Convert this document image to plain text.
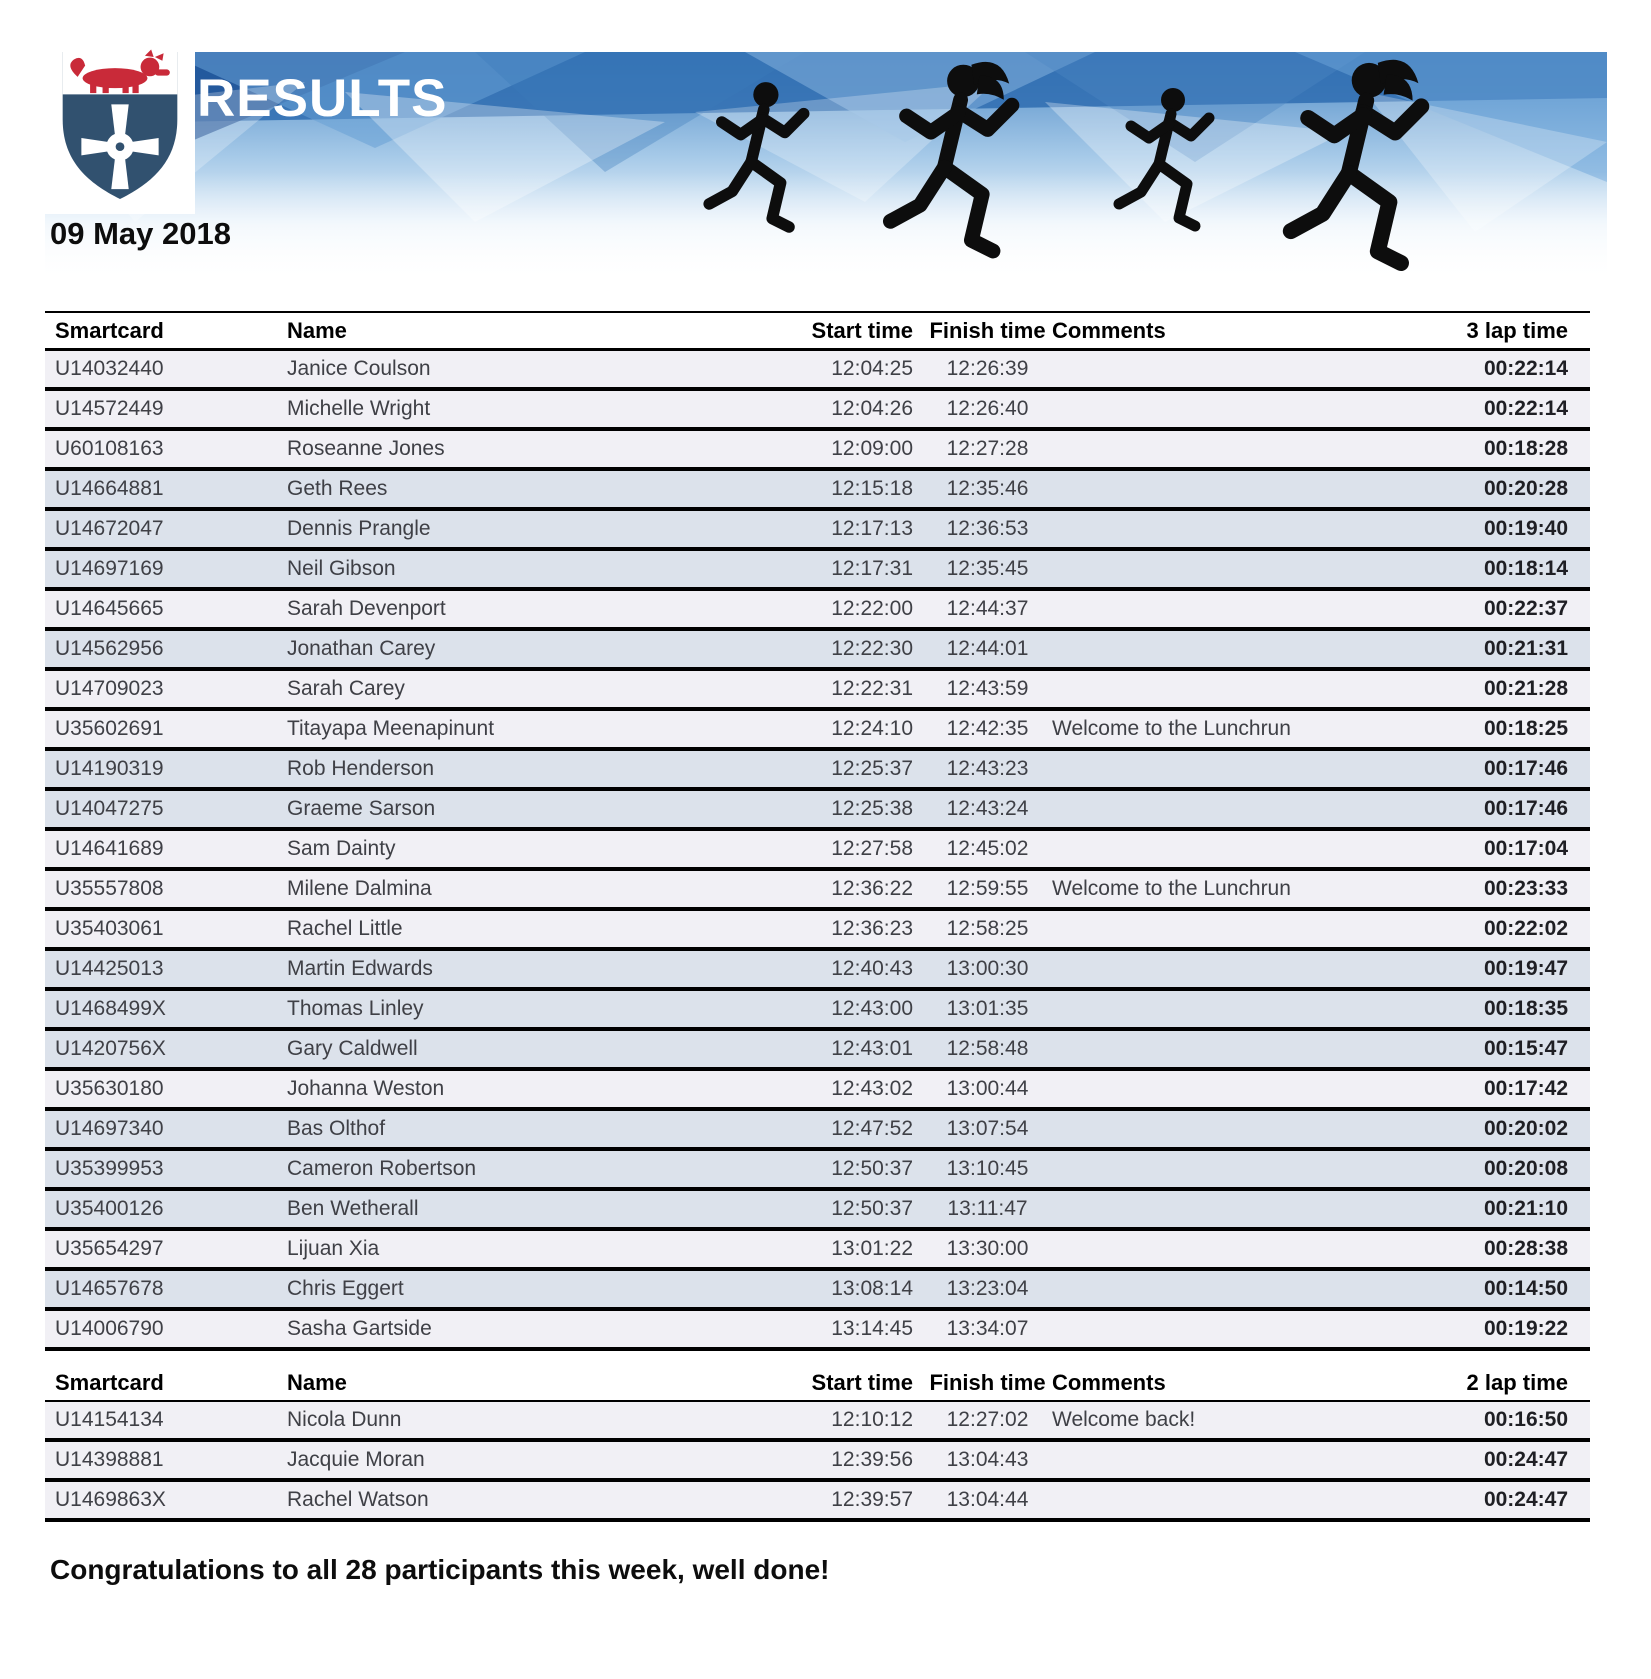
RESULTS
09 May 2018
Smartcard	Name	Start time	Finish time	Comments	3 lap time
U14032440	Janice Coulson	12:04:25	12:26:39		00:22:14
U14572449	Michelle Wright	12:04:26	12:26:40		00:22:14
U60108163	Roseanne Jones	12:09:00	12:27:28		00:18:28
U14664881	Geth Rees	12:15:18	12:35:46		00:20:28
U14672047	Dennis Prangle	12:17:13	12:36:53		00:19:40
U14697169	Neil Gibson	12:17:31	12:35:45		00:18:14
U14645665	Sarah Devenport	12:22:00	12:44:37		00:22:37
U14562956	Jonathan Carey	12:22:30	12:44:01		00:21:31
U14709023	Sarah Carey	12:22:31	12:43:59		00:21:28
U35602691	Titayapa Meenapinunt	12:24:10	12:42:35	Welcome to the Lunchrun	00:18:25
U14190319	Rob Henderson	12:25:37	12:43:23		00:17:46
U14047275	Graeme Sarson	12:25:38	12:43:24		00:17:46
U14641689	Sam Dainty	12:27:58	12:45:02		00:17:04
U35557808	Milene Dalmina	12:36:22	12:59:55	Welcome to the Lunchrun	00:23:33
U35403061	Rachel Little	12:36:23	12:58:25		00:22:02
U14425013	Martin Edwards	12:40:43	13:00:30		00:19:47
U1468499X	Thomas Linley	12:43:00	13:01:35		00:18:35
U1420756X	Gary Caldwell	12:43:01	12:58:48		00:15:47
U35630180	Johanna Weston	12:43:02	13:00:44		00:17:42
U14697340	Bas Olthof	12:47:52	13:07:54		00:20:02
U35399953	Cameron Robertson	12:50:37	13:10:45		00:20:08
U35400126	Ben Wetherall	12:50:37	13:11:47		00:21:10
U35654297	Lijuan Xia	13:01:22	13:30:00		00:28:38
U14657678	Chris Eggert	13:08:14	13:23:04		00:14:50
U14006790	Sasha Gartside	13:14:45	13:34:07		00:19:22
Smartcard	Name	Start time	Finish time	Comments	2 lap time
U14154134	Nicola Dunn	12:10:12	12:27:02	Welcome back!	00:16:50
U14398881	Jacquie Moran	12:39:56	13:04:43		00:24:47
U1469863X	Rachel Watson	12:39:57	13:04:44		00:24:47
Congratulations to all 28 participants this week, well done!
